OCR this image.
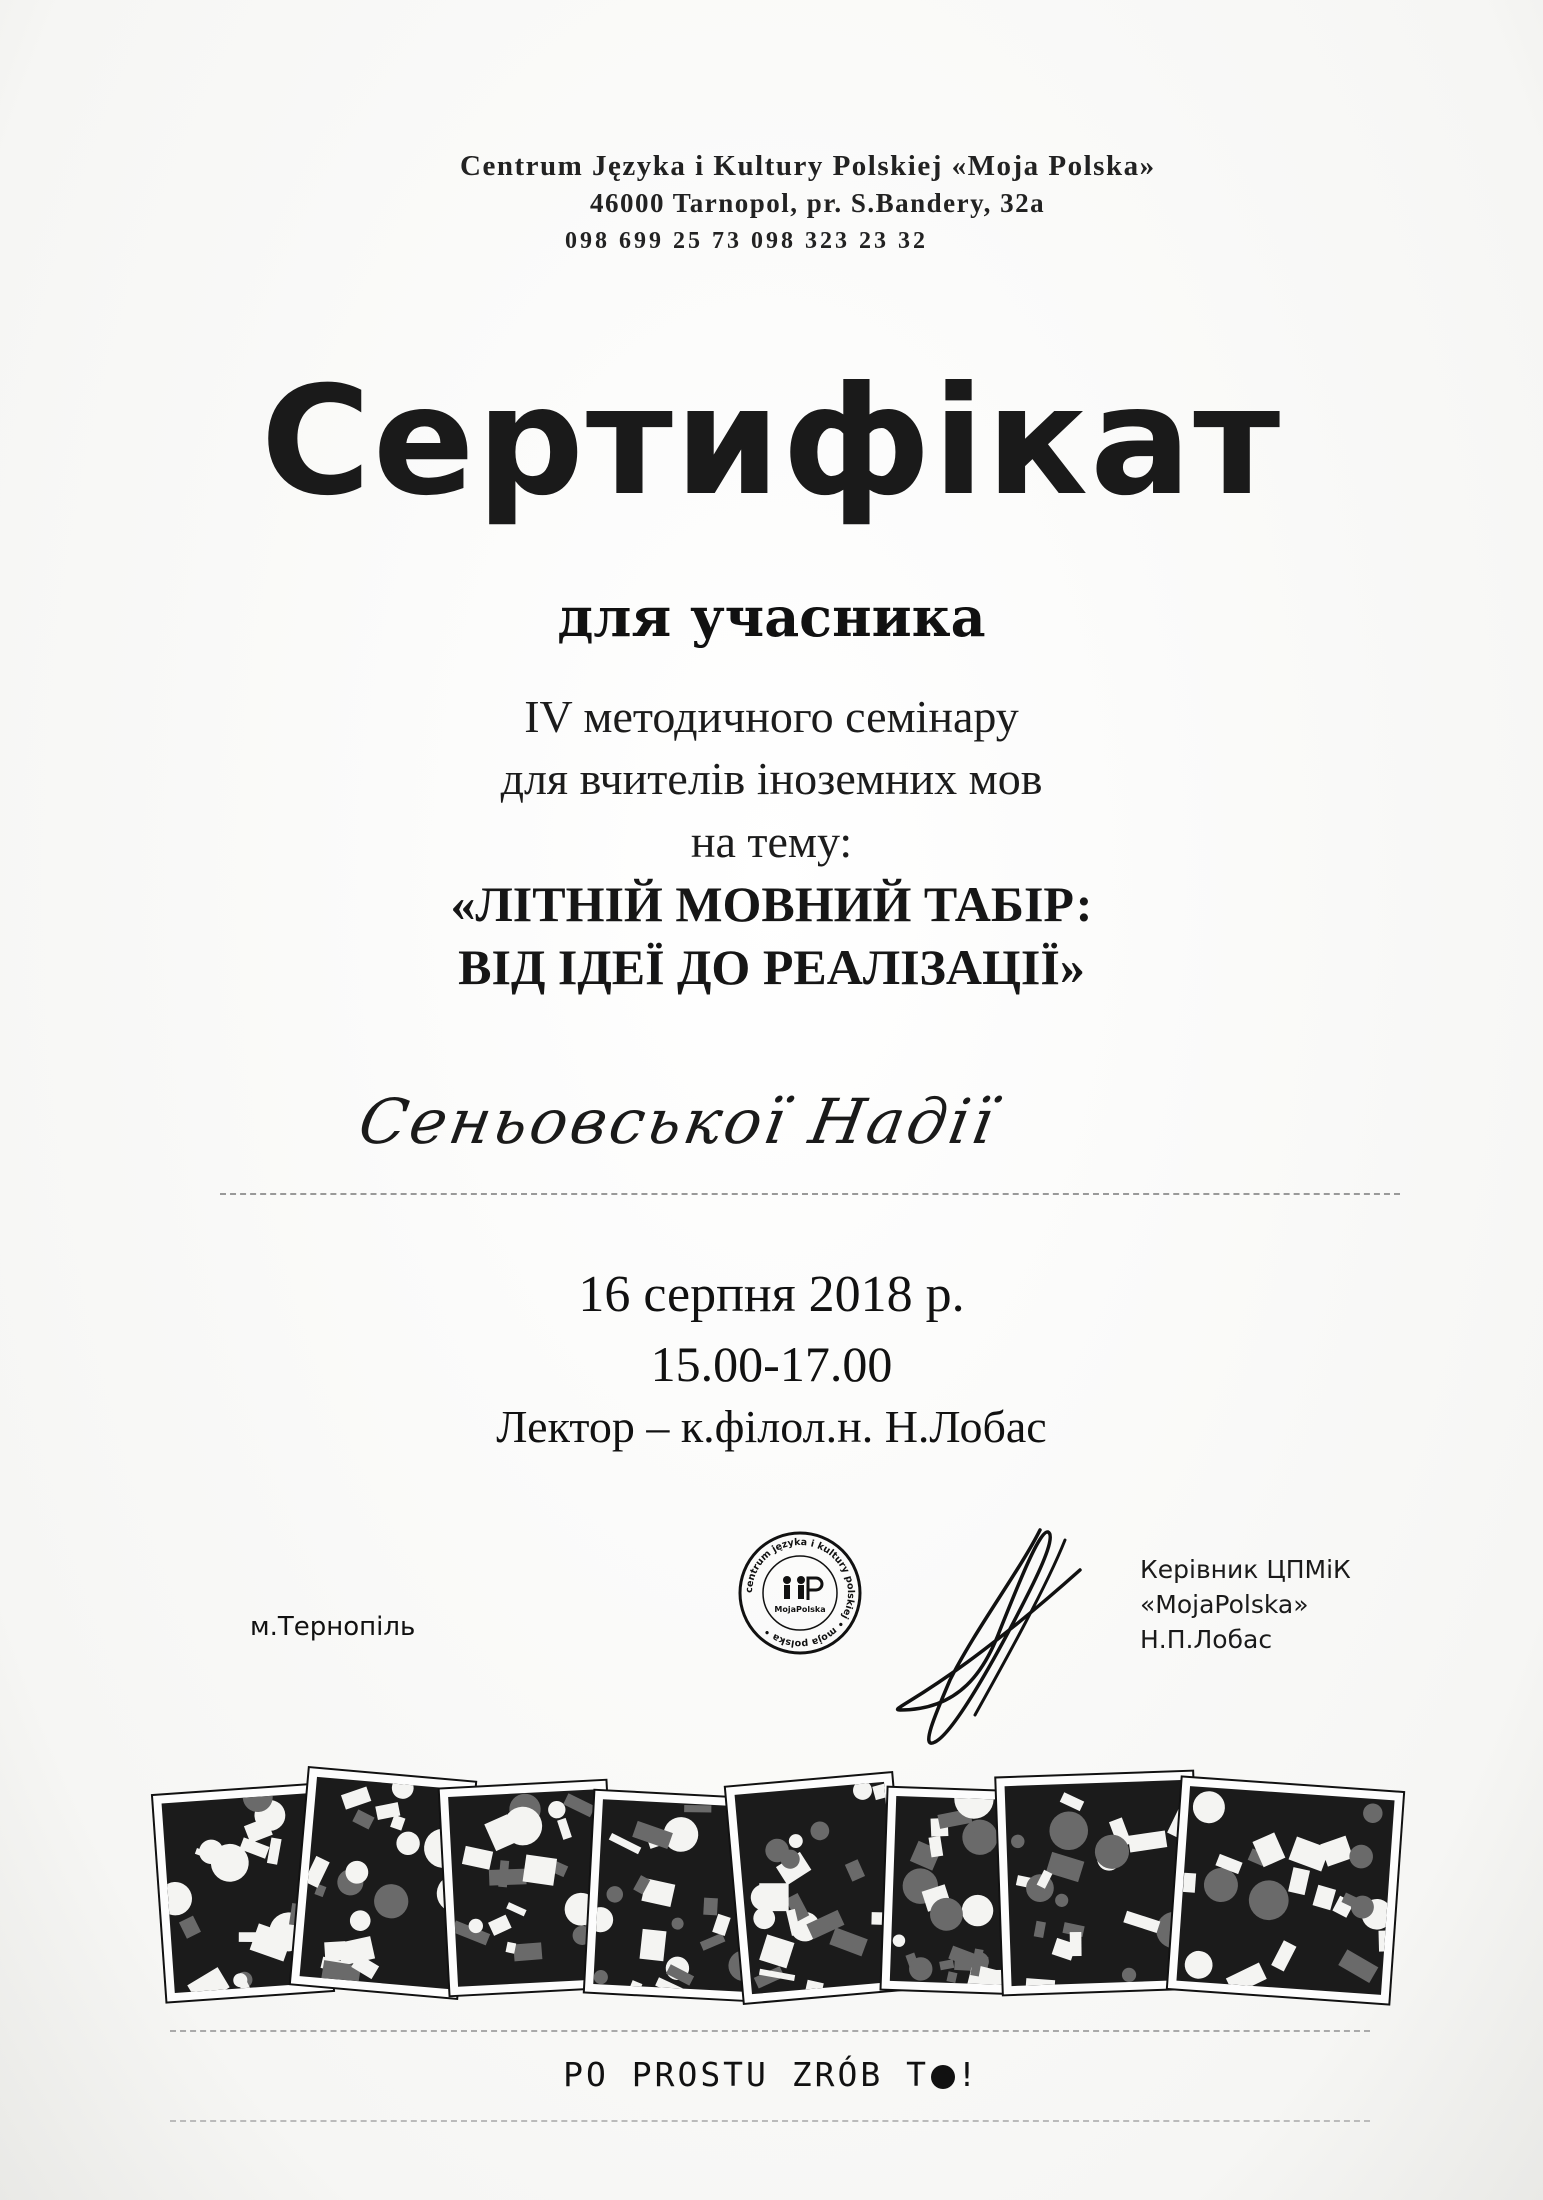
Centrum Języka i Kultury Polskiej «Moja Polska»
46000 Tarnopol, pr. S.Bandery, 32a
098 699 25 73 098 323 23 32
Сертифікат
для учасника
IV методичного семінару
для вчителів іноземних мов
на тему:
«ЛІТНІЙ МОВНИЙ ТАБІР:
ВІД ІДЕЇ ДО РЕАЛІЗАЦІЇ»
Сеньовської Надії
16 серпня 2018 р.
15.00-17.00
Лектор – к.філол.н. Н.Лобас
м.Тернопіль
centrum języka i kultury polskiej • moja polska •
MojaPolska
Керівник ЦПМіК
«MojaPolska»
Н.П.Лобас
PO PROSTU ZRÓB T !
